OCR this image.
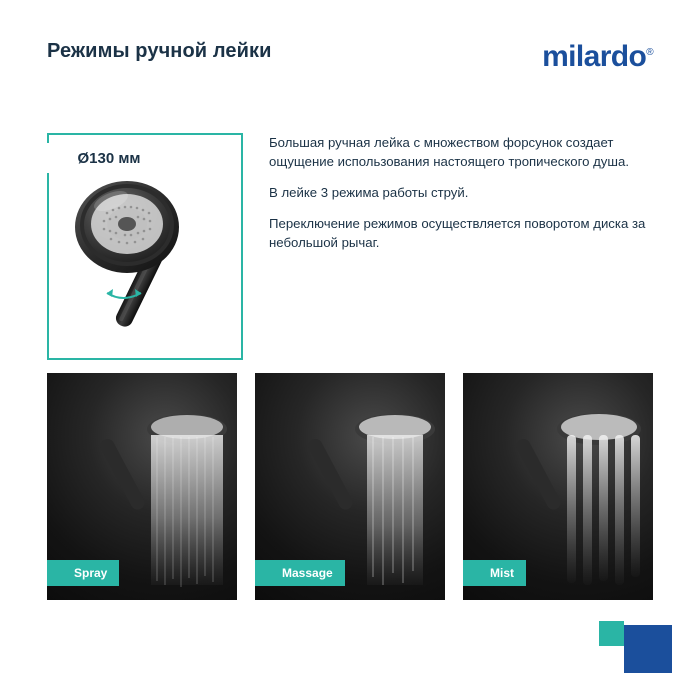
Режимы ручной лейки	milardo®
Ø130 мм

Большая ручная лейка с множеством форсунок создает ощущение использования настоящего тропического душа.

В лейке 3 режима работы струй.

Переключение режимов осуществляется поворотом диска за небольшой рычаг.

Spray	Massage	Mist
